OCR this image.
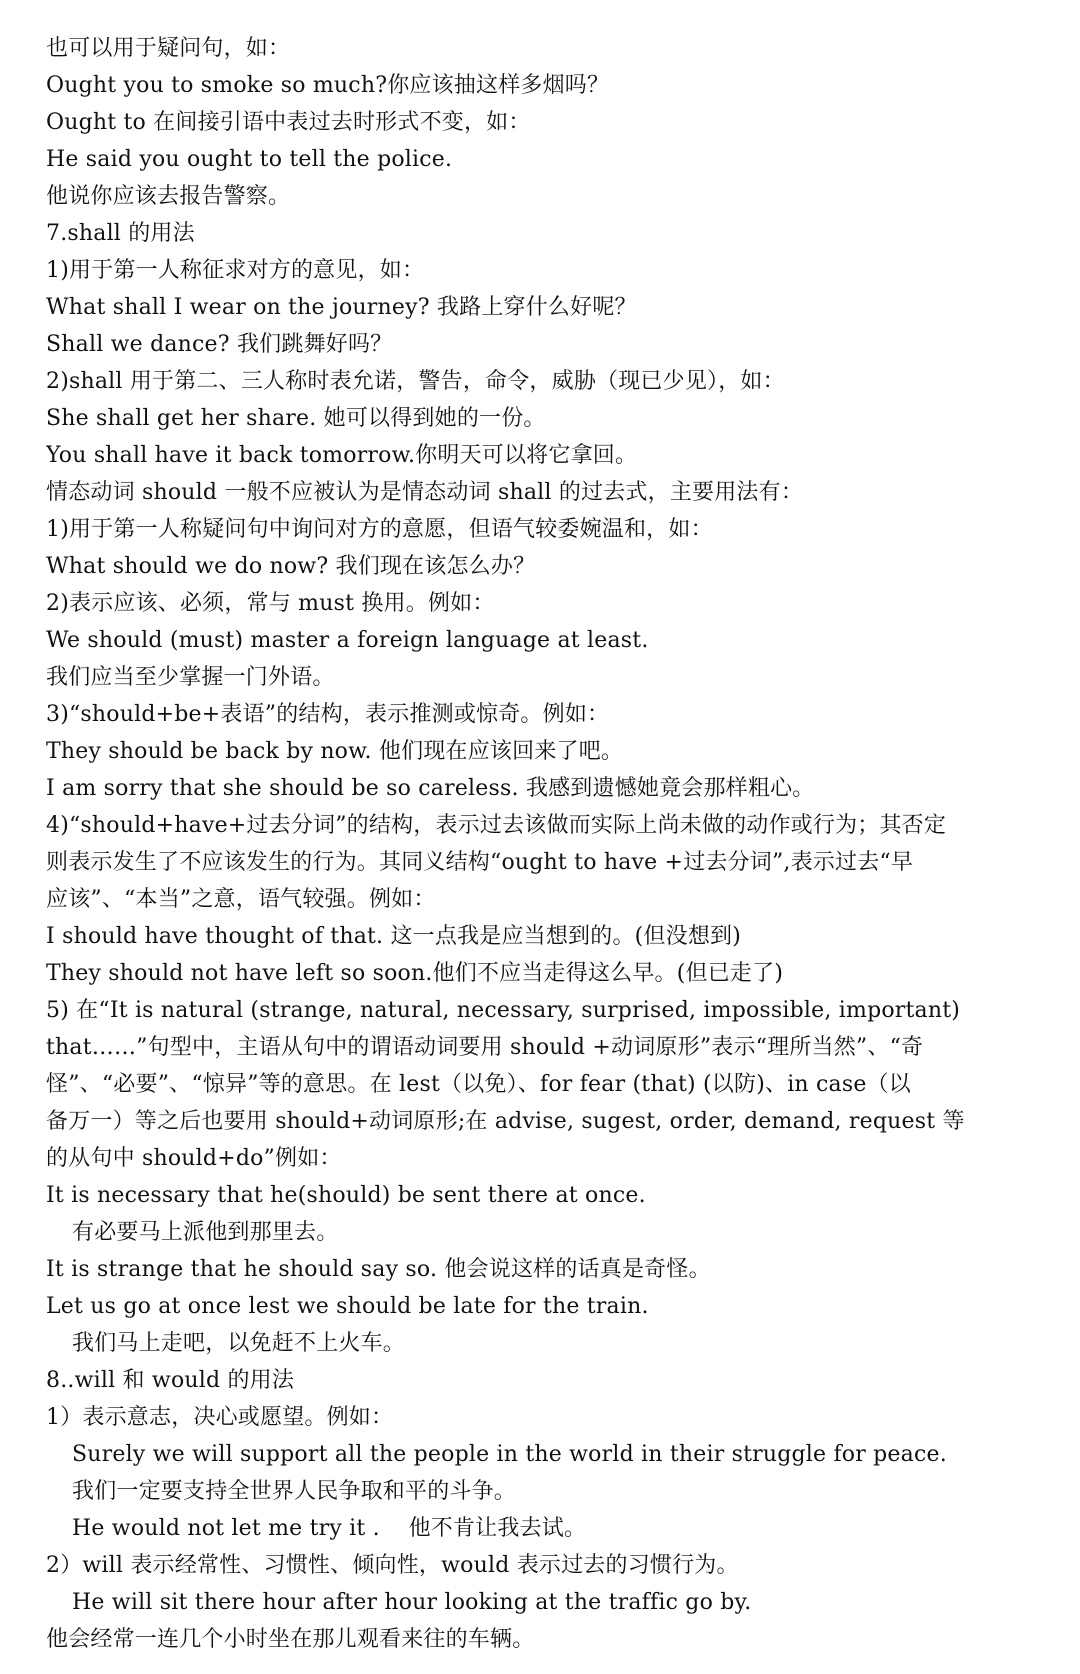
也可以用于疑问句，如：
Ought you to smoke so much?你应该抽这样多烟吗？
Ought to 在间接引语中表过去时形式不变，如：
He said you ought to tell the police.
他说你应该去报告警察。
7.shall 的用法
1)用于第一人称征求对方的意见，如：
What shall I wear on the journey? 我路上穿什么好呢？
Shall we dance? 我们跳舞好吗？
2)shall 用于第二、三人称时表允诺，警告，命令，威胁（现已少见），如：
She shall get her share. 她可以得到她的一份。
You shall have it back tomorrow.你明天可以将它拿回。
情态动词 should 一般不应被认为是情态动词 shall 的过去式，主要用法有：
1)用于第一人称疑问句中询问对方的意愿，但语气较委婉温和，如：
What should we do now? 我们现在该怎么办？
2)表示应该、必须，常与 must 换用。例如：
We should (must) master a foreign language at least.
我们应当至少掌握一门外语。
3)“should+be+表语”的结构，表示推测或惊奇。例如：
They should be back by now. 他们现在应该回来了吧。
I am sorry that she should be so careless. 我感到遗憾她竟会那样粗心。
4)“should+have+过去分词”的结构，表示过去该做而实际上尚未做的动作或行为；其否定
则表示发生了不应该发生的行为。其同义结构“ought to have +过去分词”,表示过去“早
应该”、“本当”之意，语气较强。例如：
I should have thought of that. 这一点我是应当想到的。(但没想到)
They should not have left so soon.他们不应当走得这么早。(但已走了)
5) 在“It is natural (strange, natural, necessary, surprised, impossible, important)
that……”句型中，主语从句中的谓语动词要用 should +动词原形”表示“理所当然”、“奇
怪”、“必要”、“惊异”等的意思。在 lest（以免）、for fear (that) (以防)、in case（以
备万一）等之后也要用 should+动词原形;在 advise, sugest, order, demand, request 等
的从句中 should+do”例如：
It is necessary that he(should) be sent there at once.
有必要马上派他到那里去。
It is strange that he should say so. 他会说这样的话真是奇怪。
Let us go at once lest we should be late for the train.
我们马上走吧，以免赶不上火车。
8..will 和 would 的用法
1）表示意志，决心或愿望。例如：
Surely we will support all the people in the world in their struggle for peace.
我们一定要支持全世界人民争取和平的斗争。
He would not let me try it .    他不肯让我去试。
2）will 表示经常性、习惯性、倾向性，would 表示过去的习惯行为。
He will sit there hour after hour looking at the traffic go by.
他会经常一连几个小时坐在那儿观看来往的车辆。
